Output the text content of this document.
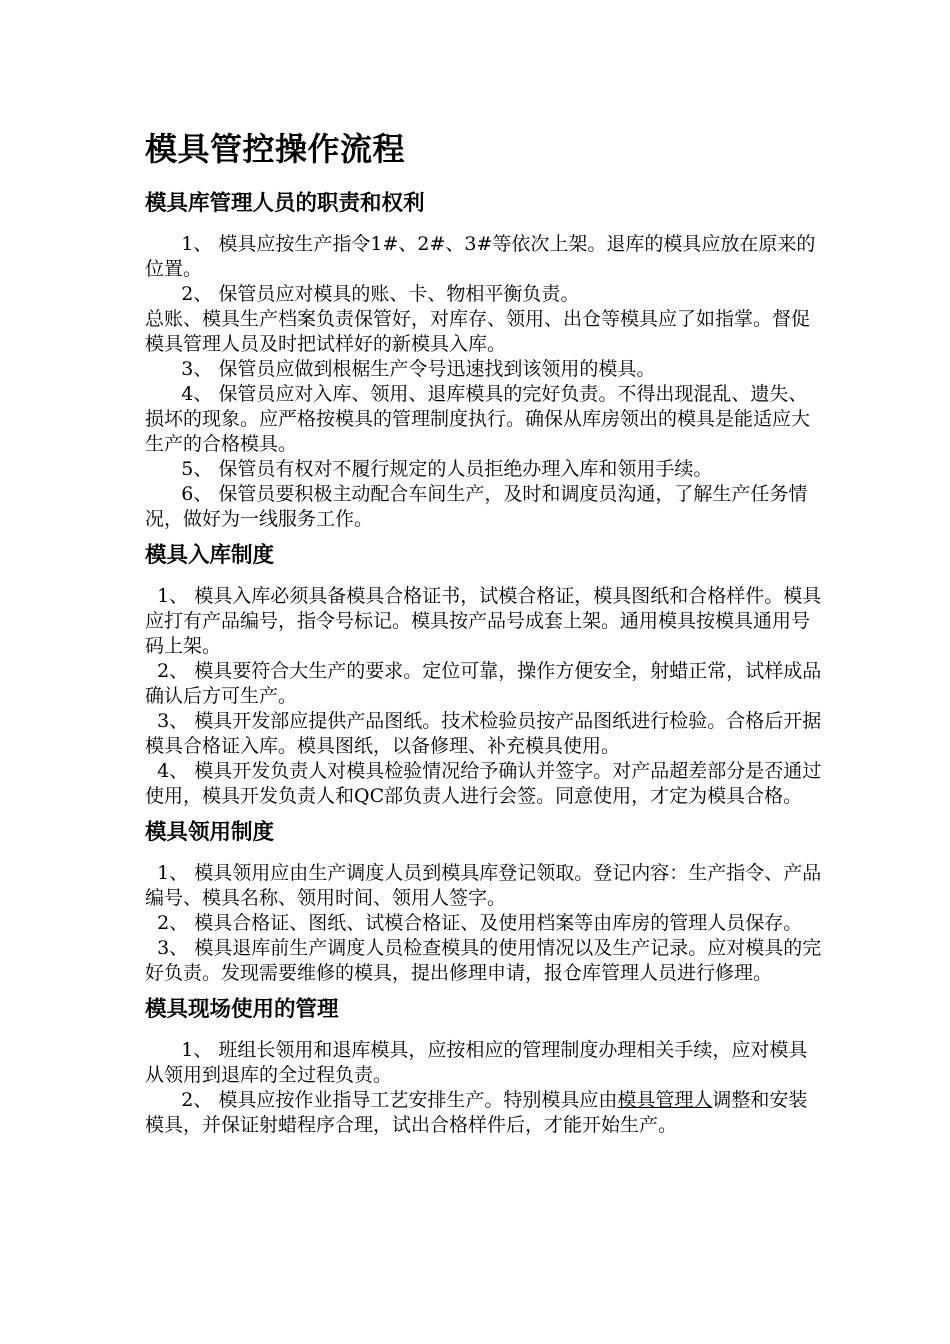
模具管控操作流程
模具库管理人员的职责和权利

1、 模具应按生产指令1#、2#、3#等依次上架。退库的模具应放在原来的位置。

2、 保管员应对模具的账、卡、物相平衡负责。

总账、模具生产档案负责保管好，对库存、领用、出仓等模具应了如指掌。督促模具管理人员及时把试样好的新模具入库。

3、 保管员应做到根椐生产令号迅速找到该领用的模具。

4、 保管员应对入库、领用、退库模具的完好负责。不得出现混乱、遗失、损坏的现象。应严格按模具的管理制度执行。确保从库房领出的模具是能适应大生产的合格模具。

5、 保管员有权对不履行规定的人员拒绝办理入库和领用手续。

6、 保管员要积极主动配合车间生产，及时和调度员沟通，了解生产任务情况，做好为一线服务工作。

模具入库制度

1、 模具入库必须具备模具合格证书，试模合格证，模具图纸和合格样件。模具应打有产品编号，指令号标记。模具按产品号成套上架。通用模具按模具通用号码上架。

2、 模具要符合大生产的要求。定位可靠，操作方便安全，射蜡正常，试样成品确认后方可生产。

3、 模具开发部应提供产品图纸。技术检验员按产品图纸进行检验。合格后开据模具合格证入库。模具图纸，以备修理、补充模具使用。

4、 模具开发负责人对模具检验情况给予确认并签字。对产品超差部分是否通过使用，模具开发负责人和QC部负责人进行会签。同意使用，才定为模具合格。

模具领用制度

1、 模具领用应由生产调度人员到模具库登记领取。登记内容：生产指令、产品编号、模具名称、领用时间、领用人签字。

2、 模具合格证、图纸、试模合格证、及使用档案等由库房的管理人员保存。

3、 模具退库前生产调度人员检查模具的使用情况以及生产记录。应对模具的完好负责。发现需要维修的模具，提出修理申请，报仓库管理人员进行修理。

模具现场使用的管理

1、 班组长领用和退库模具，应按相应的管理制度办理相关手续，应对模具从领用到退库的全过程负责。

2、 模具应按作业指导工艺安排生产。特别模具应由模具管理人调整和安装模具，并保证射蜡程序合理，试出合格样件后，才能开始生产。
